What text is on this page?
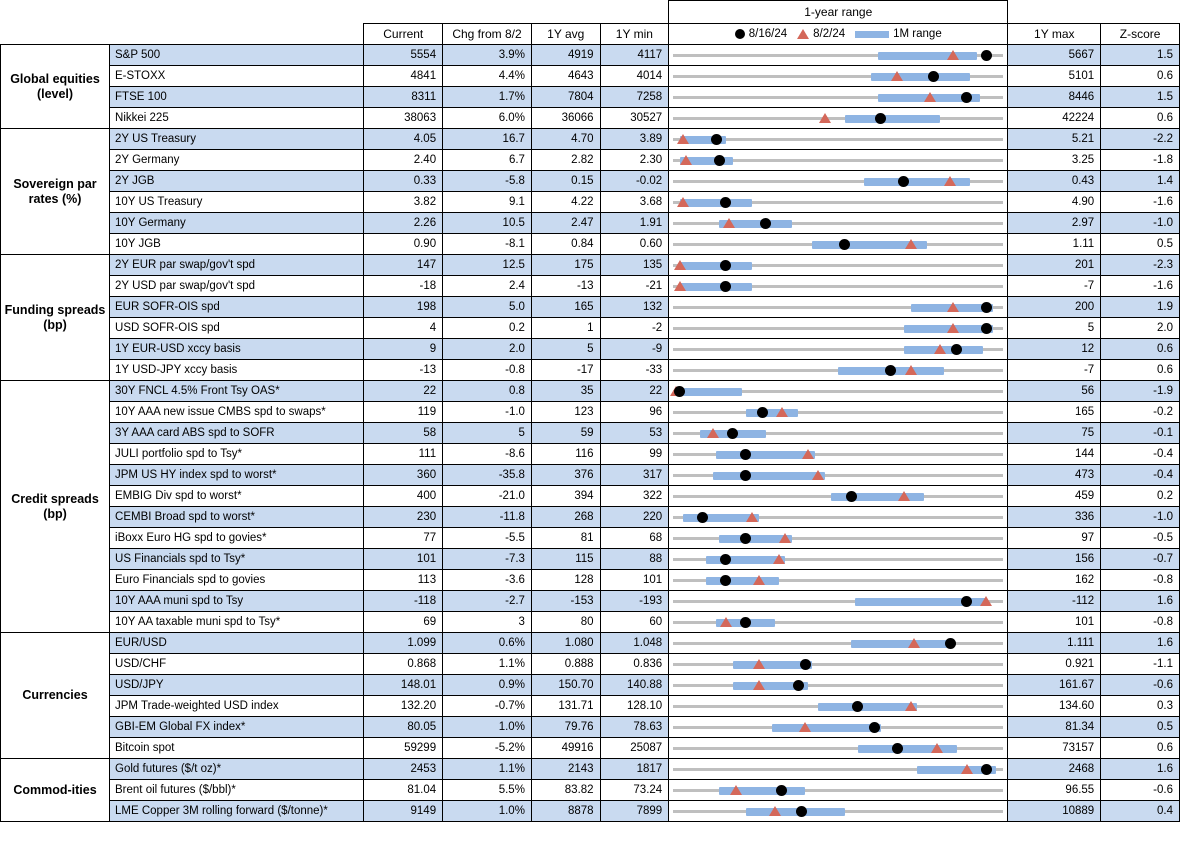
						1-year range		
		Current	Chg from 8/2	1Y avg	1Y min	8/16/24 8/2/24 1M range	1Y max	Z-score
Global equities
(level)	S&P 500	5554	3.9%	4919	4117		5667	1.5
	E-STOXX	4841	4.4%	4643	4014		5101	0.6
	FTSE 100	8311	1.7%	7804	7258		8446	1.5
	Nikkei 225	38063	6.0%	36066	30527		42224	0.6
Sovereign par
rates (%)	2Y US Treasury	4.05	16.7	4.70	3.89		5.21	-2.2
	2Y Germany	2.40	6.7	2.82	2.30		3.25	-1.8
	2Y JGB	0.33	-5.8	0.15	-0.02		0.43	1.4
	10Y US Treasury	3.82	9.1	4.22	3.68		4.90	-1.6
	10Y Germany	2.26	10.5	2.47	1.91		2.97	-1.0
	10Y JGB	0.90	-8.1	0.84	0.60		1.11	0.5
Funding spreads
(bp)	2Y EUR par swap/gov't spd	147	12.5	175	135		201	-2.3
	2Y USD par swap/gov't spd	-18	2.4	-13	-21		-7	-1.6
	EUR SOFR-OIS spd	198	5.0	165	132		200	1.9
	USD SOFR-OIS spd	4	0.2	1	-2		5	2.0
	1Y EUR-USD xccy basis	9	2.0	5	-9		12	0.6
	1Y USD-JPY xccy basis	-13	-0.8	-17	-33		-7	0.6
Credit spreads
(bp)	30Y FNCL 4.5% Front Tsy OAS*	22	0.8	35	22		56	-1.9
	10Y AAA new issue CMBS spd to swaps*	119	-1.0	123	96		165	-0.2
	3Y AAA card ABS spd to SOFR	58	5	59	53		75	-0.1
	JULI portfolio spd to Tsy*	111	-8.6	116	99		144	-0.4
	JPM US HY index spd to worst*	360	-35.8	376	317		473	-0.4
	EMBIG Div spd to worst*	400	-21.0	394	322		459	0.2
	CEMBI Broad spd to worst*	230	-11.8	268	220		336	-1.0
	iBoxx Euro HG spd to govies*	77	-5.5	81	68		97	-0.5
	US Financials spd to Tsy*	101	-7.3	115	88		156	-0.7
	Euro Financials spd to govies	113	-3.6	128	101		162	-0.8
	10Y AAA muni spd to Tsy	-118	-2.7	-153	-193		-112	1.6
	10Y AA taxable muni spd to Tsy*	69	3	80	60		101	-0.8
Currencies	EUR/USD	1.099	0.6%	1.080	1.048		1.111	1.6
	USD/CHF	0.868	1.1%	0.888	0.836		0.921	-1.1
	USD/JPY	148.01	0.9%	150.70	140.88		161.67	-0.6
	JPM Trade-weighted USD index	132.20	-0.7%	131.71	128.10		134.60	0.3
	GBI-EM Global FX index*	80.05	1.0%	79.76	78.63		81.34	0.5
	Bitcoin spot	59299	-5.2%	49916	25087		73157	0.6
Commod-ities	Gold futures ($/t oz)*	2453	1.1%	2143	1817		2468	1.6
	Brent oil futures ($/bbl)*	81.04	5.5%	83.82	73.24		96.55	-0.6
	LME Copper 3M rolling forward ($/tonne)*	9149	1.0%	8878	7899		10889	0.4
